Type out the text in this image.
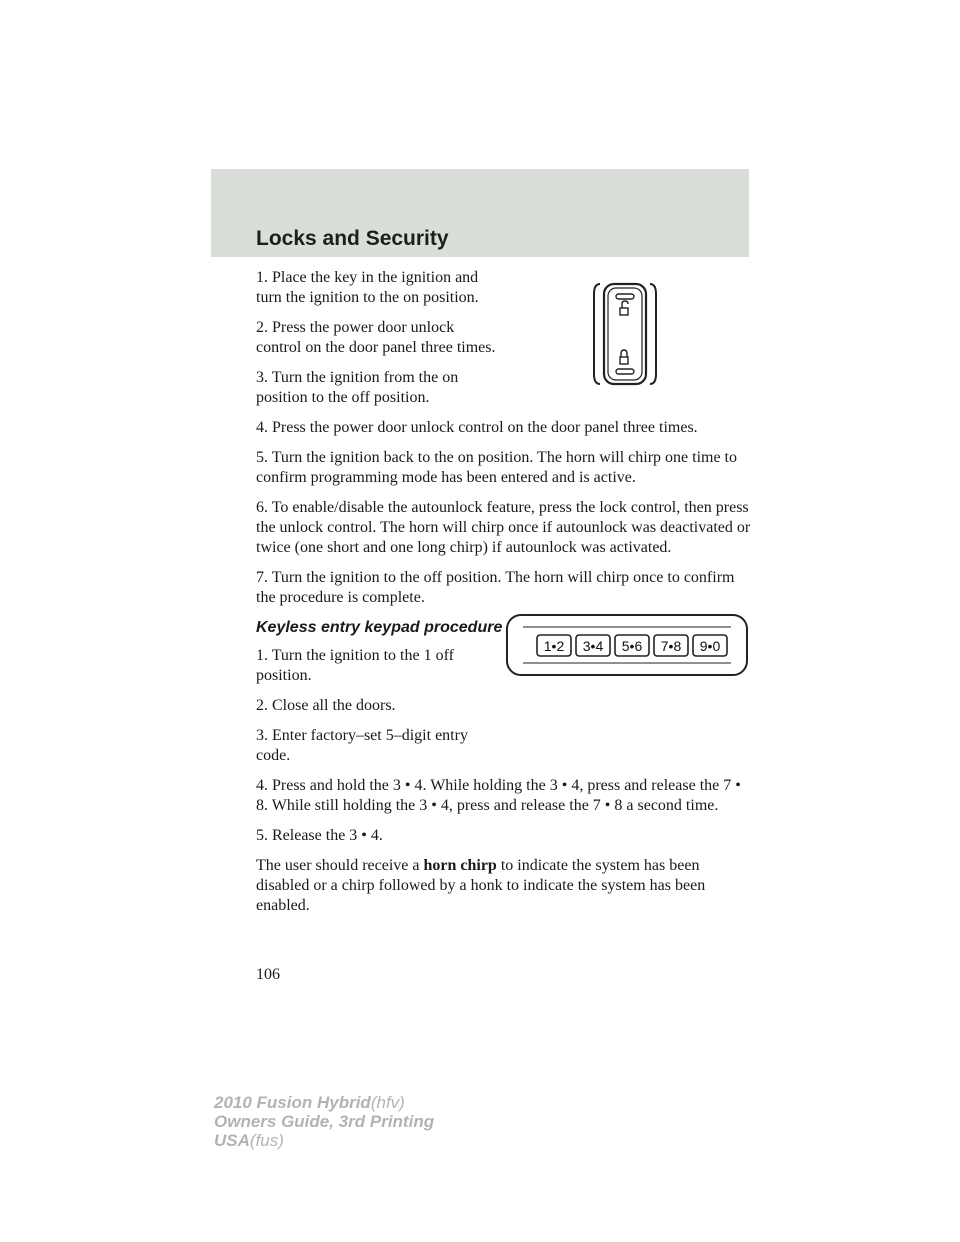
Locks and Security

1. Place the key in the ignition and turn the ignition to the on position.

2. Press the power door unlock control on the door panel three times.

3. Turn the ignition from the on position to the off position.

4. Press the power door unlock control on the door panel three times.

5. Turn the ignition back to the on position. The horn will chirp one time to confirm programming mode has been entered and is active.

6. To enable/disable the autounlock feature, press the lock control, then press the unlock control. The horn will chirp once if autounlock was deactivated or twice (one short and one long chirp) if autounlock was activated.

7. Turn the ignition to the off position. The horn will chirp once to confirm the procedure is complete.

Keyless entry keypad procedure

1. Turn the ignition to the 1 off position.

2. Close all the doors.

3. Enter factory–set 5–digit entry code.

4. Press and hold the 3 • 4. While holding the 3 • 4, press and release the 7 • 8. While still holding the 3 • 4, press and release the 7 • 8 a second time.

5. Release the 3 • 4.

The user should receive a horn chirp to indicate the system has been disabled or a chirp followed by a honk to indicate the system has been enabled.

1•2 3•4 5•6 7•8 9•0
106
2010 Fusion Hybrid(hfv)
Owners Guide, 3rd Printing
USA(fus)
